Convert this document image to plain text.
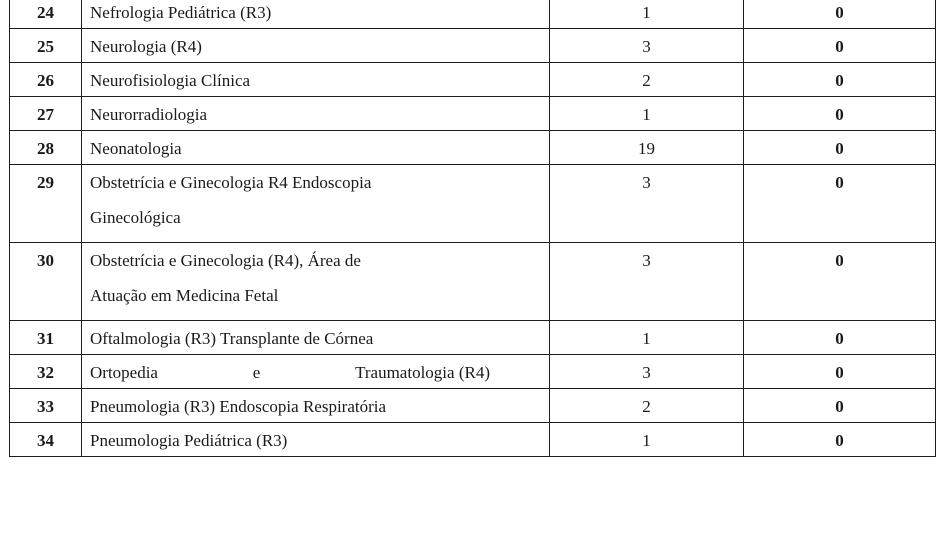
24	Nefrologia Pediátrica (R3)	1	0
25	Neurologia (R4)	3	0
26	Neurofisiologia Clínica	2	0
27	Neurorradiologia	1	0
28	Neonatologia	19	0
29	Obstetrícia e Ginecologia R4 Endoscopia
Ginecológica	3	0
30	Obstetrícia e Ginecologia (R4), Área de
Atuação em Medicina Fetal	3	0
31	Oftalmologia (R3) Transplante de Córnea	1	0
32	Ortopedia e Traumatologia (R4)	3	0
33	Pneumologia (R3) Endoscopia Respiratória	2	0
34	Pneumologia Pediátrica (R3)	1	0
